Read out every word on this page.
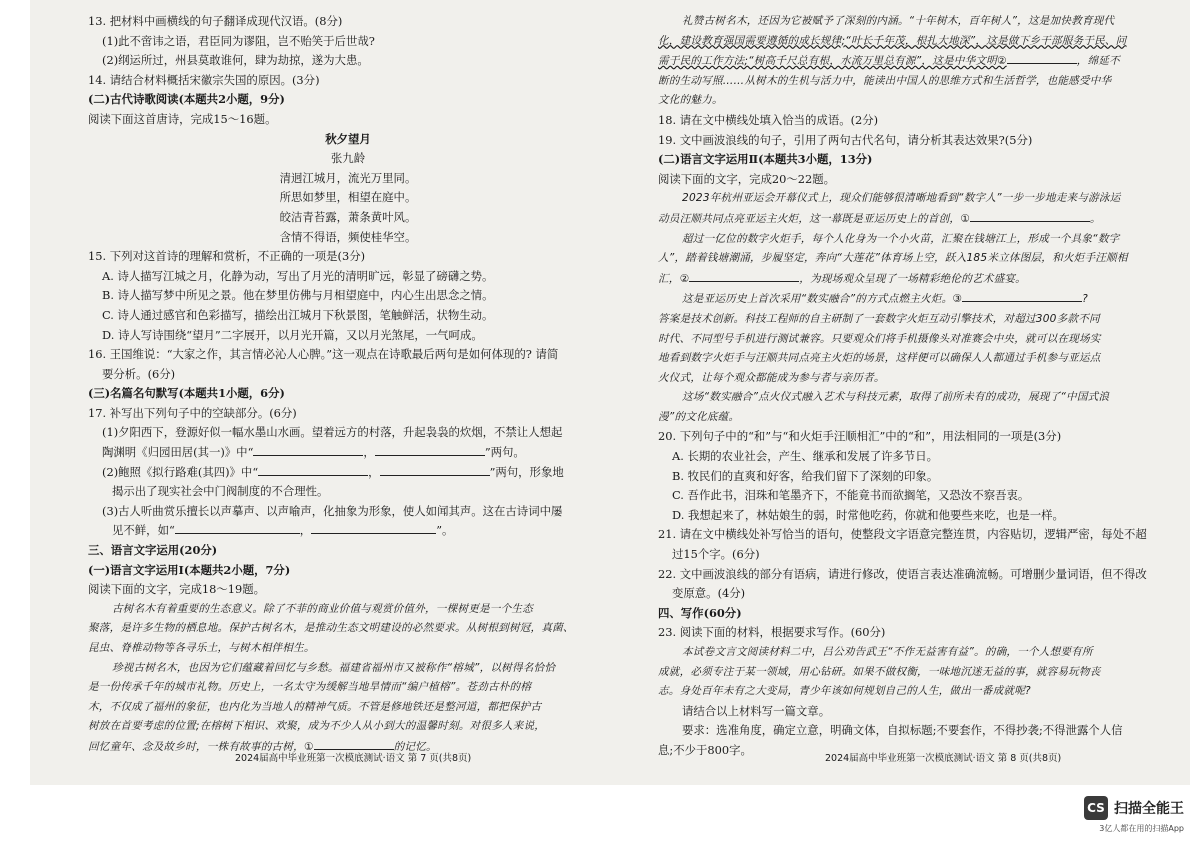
13. 把材料中画横线的句子翻译成现代汉语。(8分)

(1)此不啻讳之语，君臣同为谬阻，岂不贻笑于后世哉?

(2)纲运所过，州县莫敢谁何，肆为劫掠，遂为大患。

14. 请结合材料概括宋徽宗失国的原因。(3分)

(二)古代诗歌阅读(本题共2小题，9分)

阅读下面这首唐诗，完成15～16题。

秋夕望月

张九龄

清迥江城月，流光万里同。

所思如梦里，相望在庭中。

皎洁青苔露，萧条黄叶风。

含情不得语，频使桂华空。

15. 下列对这首诗的理解和赏析，不正确的一项是(3分)

A. 诗人描写江城之月，化静为动，写出了月光的清明旷远，彰显了磅礴之势。

B. 诗人描写梦中所见之景。他在梦里仿佛与月相望庭中，内心生出思念之情。

C. 诗人通过感官和色彩描写，描绘出江城月下秋景图，笔触鲜活，状物生动。

D. 诗人写诗围绕“望月”二字展开，以月光开篇，又以月光煞尾，一气呵成。

16. 王国维说：“大家之作，其言情必沁人心脾。”这一观点在诗歌最后两句是如何体现的? 请简

要分析。(6分)

(三)名篇名句默写(本题共1小题，6分)

17. 补写出下列句子中的空缺部分。(6分)

(1)夕阳西下，登源好似一幅水墨山水画。望着远方的村落，升起袅袅的炊烟，不禁让人想起

陶渊明《归园田居(其一)》中“	，	”两句。

(2)鲍照《拟行路难(其四)》中“	，	”两句，形象地

揭示出了现实社会中门阀制度的不合理性。

(3)古人听曲赏乐擅长以声摹声、以声喻声，化抽象为形象，使人如闻其声。这在古诗词中屡

见不鲜，如“	，	”。

三、语言文字运用(20分)

(一)语言文字运用Ⅰ(本题共2小题，7分)

阅读下面的文字，完成18～19题。

古树名木有着重要的生态意义。除了不菲的商业价值与观赏价值外，一棵树更是一个生态

聚落，是许多生物的栖息地。保护古树名木，是推动生态文明建设的必然要求。从树根到树冠，真菌、

昆虫、脊椎动物等各寻乐土，与树木相伴相生。

珍视古树名木，也因为它们蕴藏着回忆与乡愁。福建省福州市又被称作“榕城”，以树得名恰恰

是一份传承千年的城市礼物。历史上，一名太守为缓解当地旱情而“编户植榕”。苍劲古朴的榕

木，不仅成了福州的象征，也内化为当地人的精神气质。不管是修地铁还是整河道，都把保护古

树放在首要考虑的位置;在榕树下相识、欢聚，成为不少人从小到大的温馨时刻。对很多人来说，

回忆童年、念及故乡时，一株有故事的古树，①	的记忆。

2024届高中毕业班第一次模底测试·语文 第 7 页(共8页)

礼赞古树名木，还因为它被赋予了深刻的内涵。“十年树木，百年树人”，这是加快教育现代

化，建设教育强国需要遵循的成长规律;“叶长千年茂，根扎大地深”，这是做下乡干部服务于民、问

需于民的工作方法;“树高千尺总有根，水流万里总有源”，这是中华文明②	，绵延不

断的生动写照……从树木的生机与活力中，能读出中国人的思维方式和生活哲学，也能感受中华

文化的魅力。

18. 请在文中横线处填入恰当的成语。(2分)

19. 文中画波浪线的句子，引用了两句古代名句，请分析其表达效果?(5分)

(二)语言文字运用Ⅱ(本题共3小题，13分)

阅读下面的文字，完成20～22题。

2023年杭州亚运会开幕仪式上，现众们能够很清晰地看到“数字人”一步一步地走来与游泳运

动员汪顺共同点亮亚运主火炬，这一幕既是亚运历史上的首创，①	。

超过一亿位的数字火炬手，每个人化身为一个小火苗，汇聚在钱塘江上，形成一个具象“数字

人”，踏着钱塘潮涌，步履坚定，奔向“大莲花”体育场上空，跃入185米立体图层，和火炬手汪顺相

汇，②	，为现场观众呈现了一场精彩绝伦的艺术盛宴。

这是亚运历史上首次采用“数实融合”的方式点燃主火炬。③	?

答案是技术创新。科技工程师的自主研制了一套数字火炬互动引擎技术，对超过300多款不同

时代、不同型号手机进行测试兼容。只要观众们将手机摄像头对准赛会中央，就可以在现场实

地看到数字火炬手与汪顺共同点亮主火炬的场景，这样便可以确保人人都通过手机参与亚运点

火仪式，让每个观众都能成为参与者与亲历者。

这场“数实融合”点火仪式融入艺术与科技元素，取得了前所未有的成功，展现了“中国式浪

漫”的文化底蕴。

20. 下列句子中的“和”与“和火炬手汪顺相汇”中的“和”，用法相同的一项是(3分)

A. 长期的农业社会，产生、继承和发展了许多节日。

B. 牧民们的直爽和好客，给我们留下了深刻的印象。

C. 吾作此书，泪珠和笔墨齐下，不能竟书而欲搁笔，又恐汝不察吾衷。

D. 我想起来了，林姑娘生的弱，时常他吃药，你就和他要些来吃，也是一样。

21. 请在文中横线处补写恰当的语句，使整段文字语意完整连贯，内容贴切，逻辑严密，每处不超

过15个字。(6分)

22. 文中画波浪线的部分有语病，请进行修改，使语言表达准确流畅。可增删少量词语，但不得改

变原意。(4分)

四、写作(60分)

23. 阅读下面的材料，根据要求写作。(60分)

本试卷文言文阅读材料二中，吕公劝告武王“不作无益害有益”。的确，一个人想要有所

成就，必须专注于某一领域，用心钻研。如果不做权衡，一味地沉迷无益的事，就容易玩物丧

志。身处百年未有之大变局，青少年该如何规划自己的人生，做出一番成就呢?

请结合以上材料写一篇文章。

要求：选准角度，确定立意，明确文体，自拟标题;不要套作，不得抄袭;不得泄露个人信

息;不少于800字。

2024届高中毕业班第一次模底测试·语文 第 8 页(共8页)
CS 扫描全能王
3亿人都在用的扫描App
